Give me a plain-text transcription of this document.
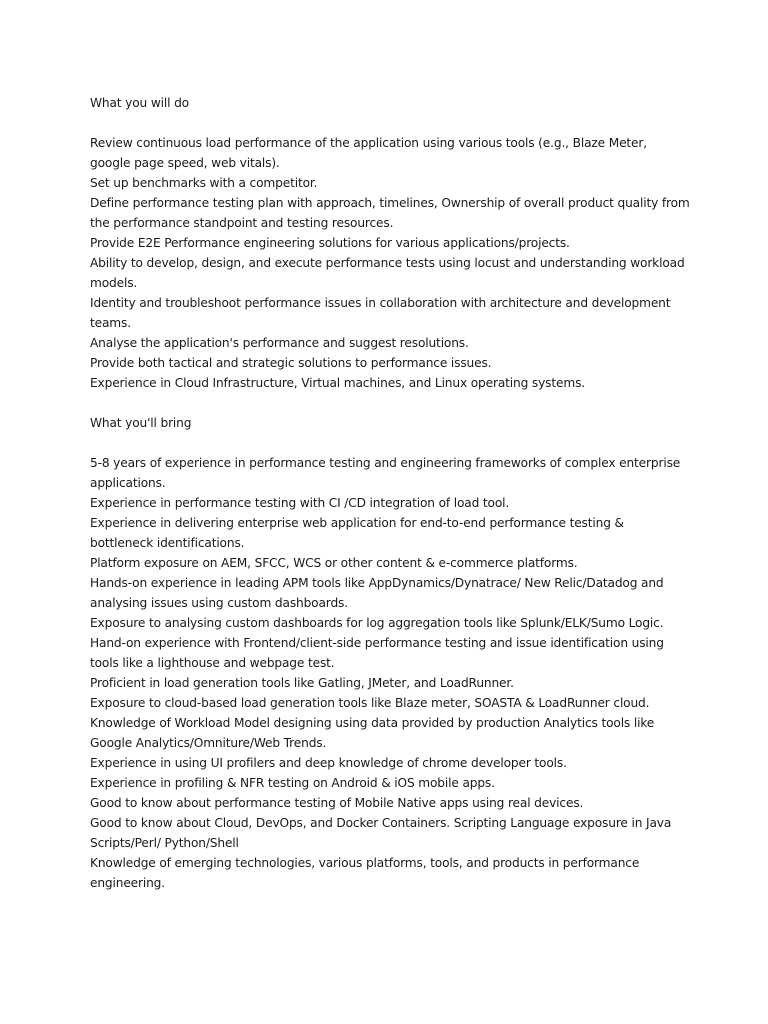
What you will do

Review continuous load performance of the application using various tools (e.g., Blaze Meter, google page speed, web vitals).
Set up benchmarks with a competitor.
Define performance testing plan with approach, timelines, Ownership of overall product quality from the performance standpoint and testing resources.
Provide E2E Performance engineering solutions for various applications/projects.
Ability to develop, design, and execute performance tests using locust and understanding workload models.
Identity and troubleshoot performance issues in collaboration with architecture and development teams.
Analyse the application's performance and suggest resolutions.
Provide both tactical and strategic solutions to performance issues.
Experience in Cloud Infrastructure, Virtual machines, and Linux operating systems.

What you'll bring

5-8 years of experience in performance testing and engineering frameworks of complex enterprise applications.
Experience in performance testing with CI /CD integration of load tool.
Experience in delivering enterprise web application for end-to-end performance testing & bottleneck identifications.
Platform exposure on AEM, SFCC, WCS or other content & e-commerce platforms.
Hands-on experience in leading APM tools like AppDynamics/Dynatrace/ New Relic/Datadog and analysing issues using custom dashboards.
Exposure to analysing custom dashboards for log aggregation tools like Splunk/ELK/Sumo Logic.
Hand-on experience with Frontend/client-side performance testing and issue identification using tools like a lighthouse and webpage test.
Proficient in load generation tools like Gatling, JMeter, and LoadRunner.
Exposure to cloud-based load generation tools like Blaze meter, SOASTA & LoadRunner cloud.
Knowledge of Workload Model designing using data provided by production Analytics tools like Google Analytics/Omniture/Web Trends.
Experience in using UI profilers and deep knowledge of chrome developer tools.
Experience in profiling & NFR testing on Android & iOS mobile apps.
Good to know about performance testing of Mobile Native apps using real devices.
Good to know about Cloud, DevOps, and Docker Containers. Scripting Language exposure in Java Scripts/Perl/ Python/Shell
Knowledge of emerging technologies, various platforms, tools, and products in performance engineering.
